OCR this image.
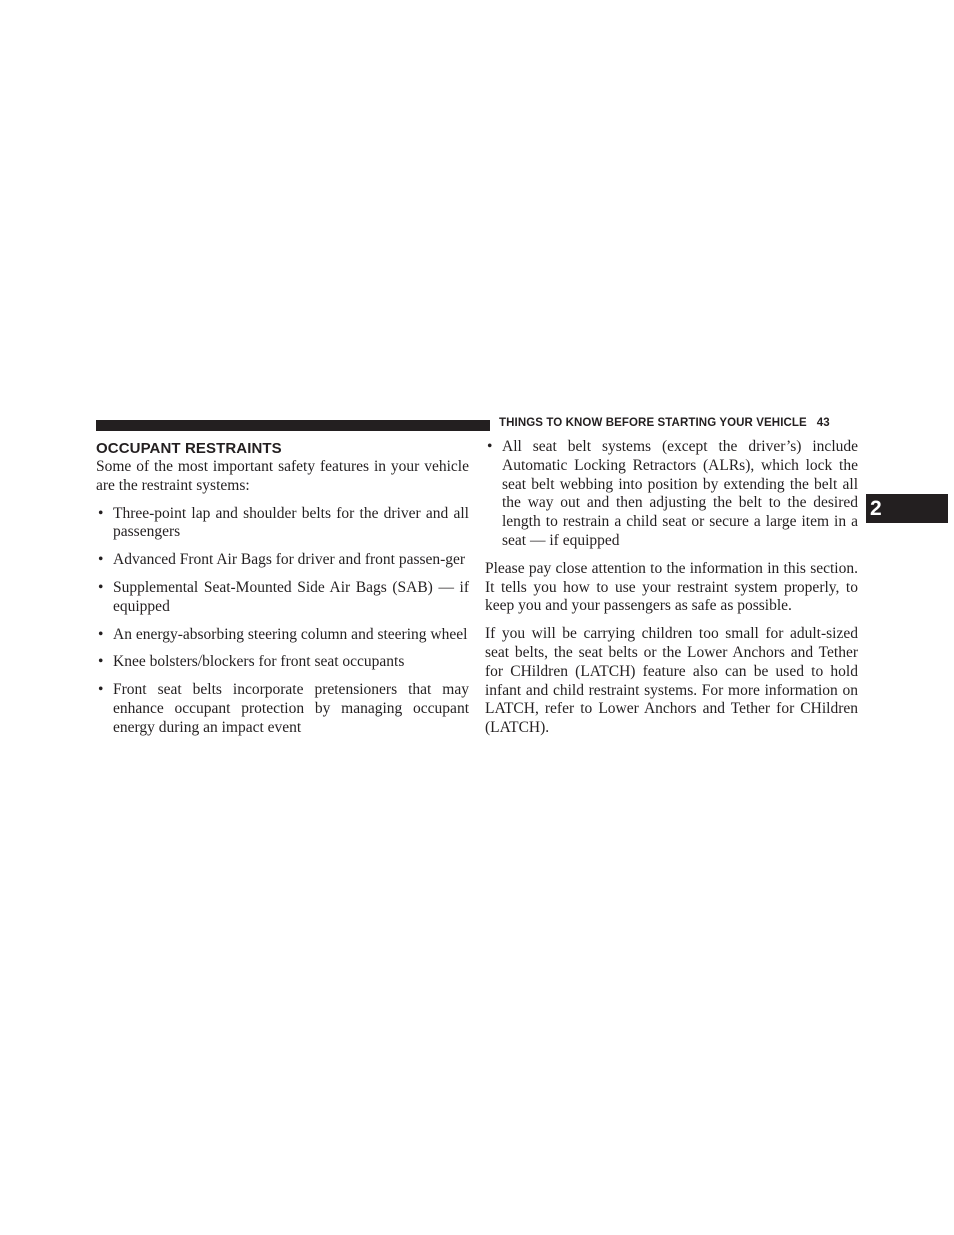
THINGS TO KNOW BEFORE STARTING YOUR VEHICLE 43
2
OCCUPANT RESTRAINTS

Some of the most important safety features in your vehicle are the restraint systems:

• Three-point lap and shoulder belts for the driver and all passengers
• Advanced Front Air Bags for driver and front passen-ger
• Supplemental Seat-Mounted Side Air Bags (SAB) — if equipped
• An energy-absorbing steering column and steering wheel
• Knee bolsters/blockers for front seat occupants
• Front seat belts incorporate pretensioners that may enhance occupant protection by managing occupant energy during an impact event
• All seat belt systems (except the driver’s) include Automatic Locking Retractors (ALRs), which lock the seat belt webbing into position by extending the belt all the way out and then adjusting the belt to the desired length to restrain a child seat or secure a large item in a seat — if equipped

Please pay close attention to the information in this section. It tells you how to use your restraint system properly, to keep you and your passengers as safe as possible.

If you will be carrying children too small for adult-sized seat belts, the seat belts or the Lower Anchors and Tether for CHildren (LATCH) feature also can be used to hold infant and child restraint systems. For more information on LATCH, refer to Lower Anchors and Tether for CHildren (LATCH).
